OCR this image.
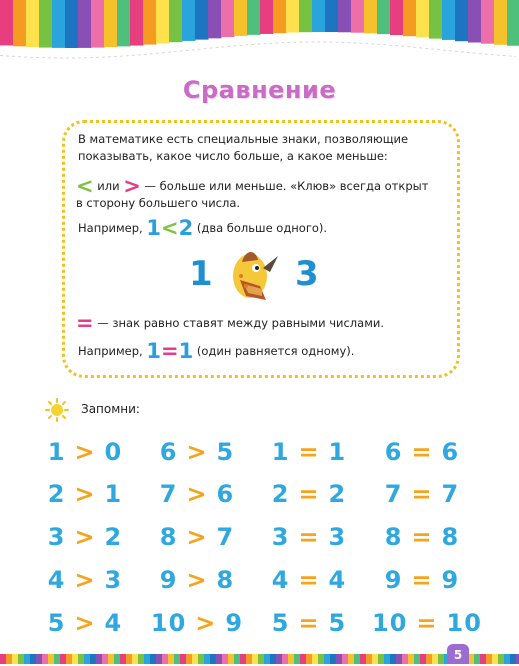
Сравнение
В математике есть специальные знаки, позволяющие
показывать, какое число больше, а какое меньше:
< или > — больше или меньше. «Клюв» всегда открыт
в сторону большего числа.
Например, 1<2 (два больше одного).
1 3
= — знак равно ставят между равными числами.
Например, 1=1 (один равняется одному).
Запомни:
1 > 0	6 > 5	1 = 1	6 = 6
2 > 1	7 > 6	2 = 2	7 = 7
3 > 2	8 > 7	3 = 3	8 = 8
4 > 3	9 > 8	4 = 4	9 = 9
5 > 4	10 > 9	5 = 5	10 = 10
5
